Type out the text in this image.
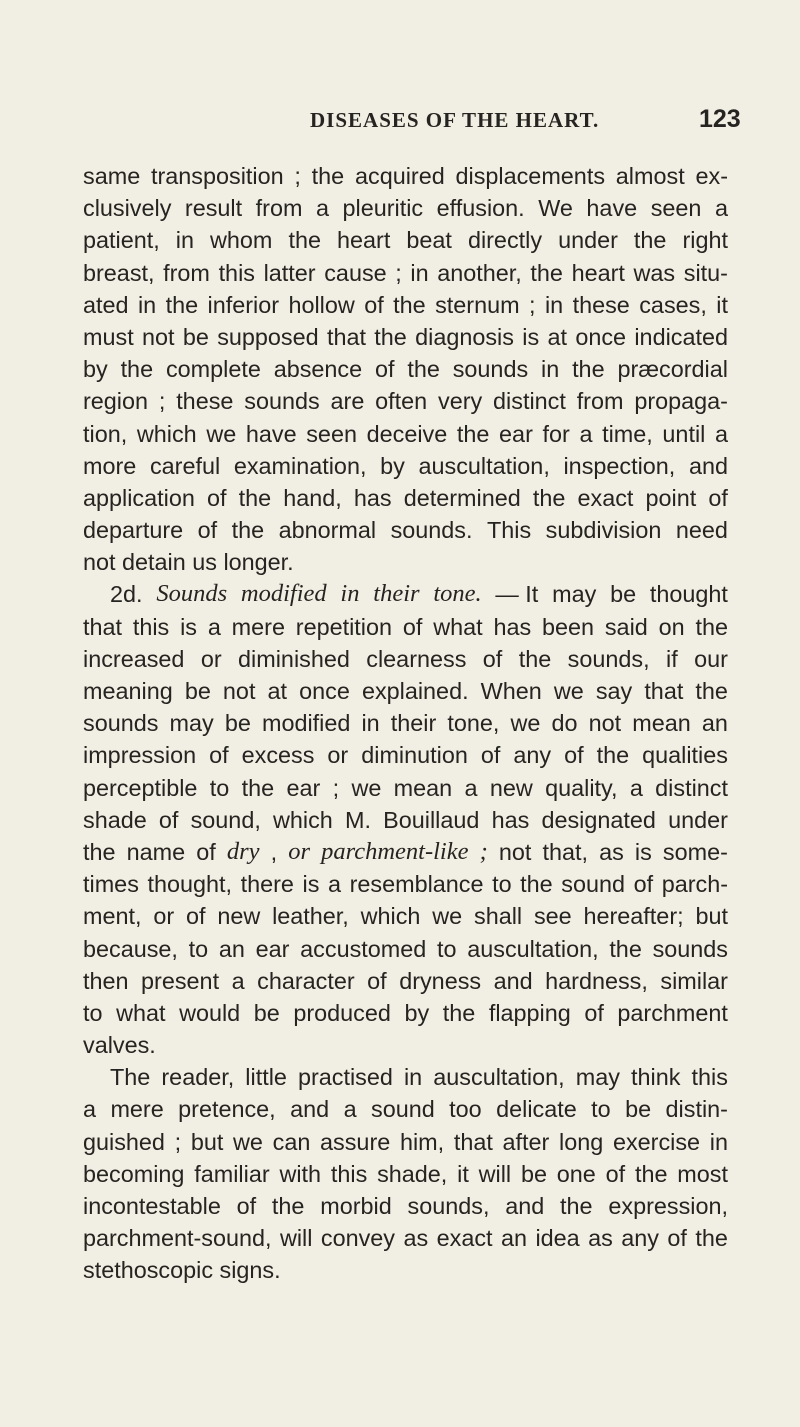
DISEASES OF THE HEART.	123
same transposition ; the acquired displacements almost ex-
clusively result from a pleuritic effusion. We have seen a
patient, in whom the heart beat directly under the right
breast, from this latter cause ; in another, the heart was situ-
ated in the inferior hollow of the sternum ; in these cases, it
must not be supposed that the diagnosis is at once indicated
by the complete absence of the sounds in the præcordial
region ; these sounds are often very distinct from propaga-
tion, which we have seen deceive the ear for a time, until a
more careful examination, by auscultation, inspection, and
application of the hand, has determined the exact point of
departure of the abnormal sounds. This subdivision need
not detain us longer.
2d. Sounds modified in their tone. — It may be thought
that this is a mere repetition of what has been said on the
increased or diminished clearness of the sounds, if our
meaning be not at once explained. When we say that the
sounds may be modified in their tone, we do not mean an
impression of excess or diminution of any of the qualities
perceptible to the ear ; we mean a new quality, a distinct
shade of sound, which M. Bouillaud has designated under
the name of dry , or parchment-like ; not that, as is some-
times thought, there is a resemblance to the sound of parch-
ment, or of new leather, which we shall see hereafter; but
because, to an ear accustomed to auscultation, the sounds
then present a character of dryness and hardness, similar
to what would be produced by the flapping of parchment
valves.
The reader, little practised in auscultation, may think this
a mere pretence, and a sound too delicate to be distin-
guished ; but we can assure him, that after long exercise in
becoming familiar with this shade, it will be one of the most
incontestable of the morbid sounds, and the expression,
parchment-sound, will convey as exact an idea as any of the
stethoscopic signs.
